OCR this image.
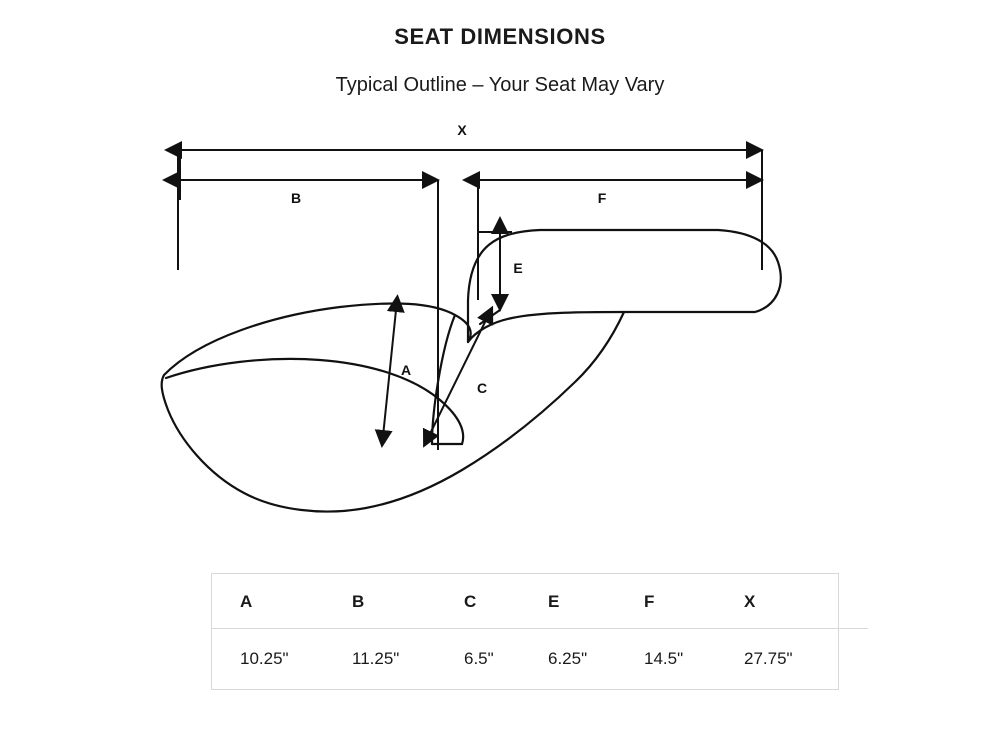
SEAT DIMENSIONS
Typical Outline – Your Seat May Vary
X
B	F
E
A
C
A	B	C	E	F	X
10.25"	11.25"	6.5"	6.25"	14.5"	27.75"
